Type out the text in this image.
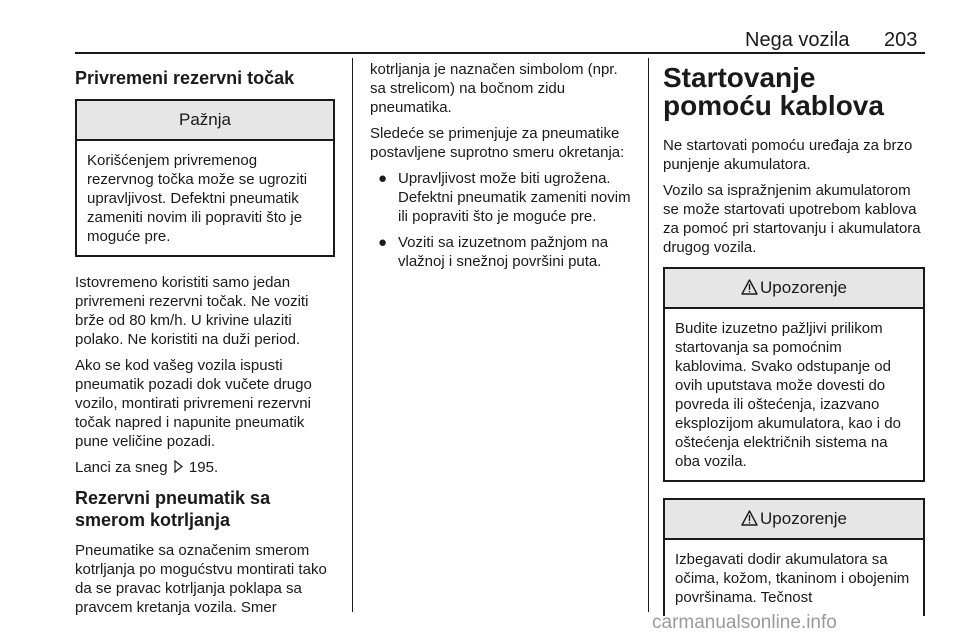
Nega vozila 203
Privremeni rezervni točak
Pažnja

Korišćenjem privremenog rezervnog točka može se ugroziti upravljivost. Defektni pneumatik zameniti novim ili popraviti što je moguće pre.

Istovremeno koristiti samo jedan privremeni rezervni točak. Ne voziti brže od 80 km/h. U krivine ulaziti polako. Ne koristiti na duži period.

Ako se kod vašeg vozila ispusti pneumatik pozadi dok vučete drugo vozilo, montirati privremeni rezervni točak napred i napunite pneumatik pune veličine pozadi.

Lanci za sneg 195.

Rezervni pneumatik sa smerom kotrljanja

Pneumatike sa označenim smerom kotrljanja po mogućstvu montirati tako da se pravac kotrljanja poklapa sa pravcem kretanja vozila. Smer

kotrljanja je naznačen simbolom (npr. sa strelicom) na bočnom zidu pneumatika.

Sledeće se primenjuje za pneumatike postavljene suprotno smeru okretanja:

● Upravljivost može biti ugrožena. Defektni pneumatik zameniti novim ili popraviti što je moguće pre.
● Voziti sa izuzetnom pažnjom na vlažnoj i snežnoj površini puta.
Startovanje pomoću kablova

Ne startovati pomoću uređaja za brzo punjenje akumulatora.

Vozilo sa ispražnjenim akumulatorom se može startovati upotrebom kablova za pomoć pri startovanju i akumulatora drugog vozila.

Upozorenje

Budite izuzetno pažljivi prilikom startovanja sa pomoćnim kablovima. Svako odstupanje od ovih uputstava može dovesti do povreda ili oštećenja, izazvano eksplozijom akumulatora, kao i do oštećenja električnih sistema na oba vozila.

Upozorenje

Izbegavati dodir akumulatora sa očima, kožom, tkaninom i obojenim površinama. Tečnost

carmanualsonline.info
